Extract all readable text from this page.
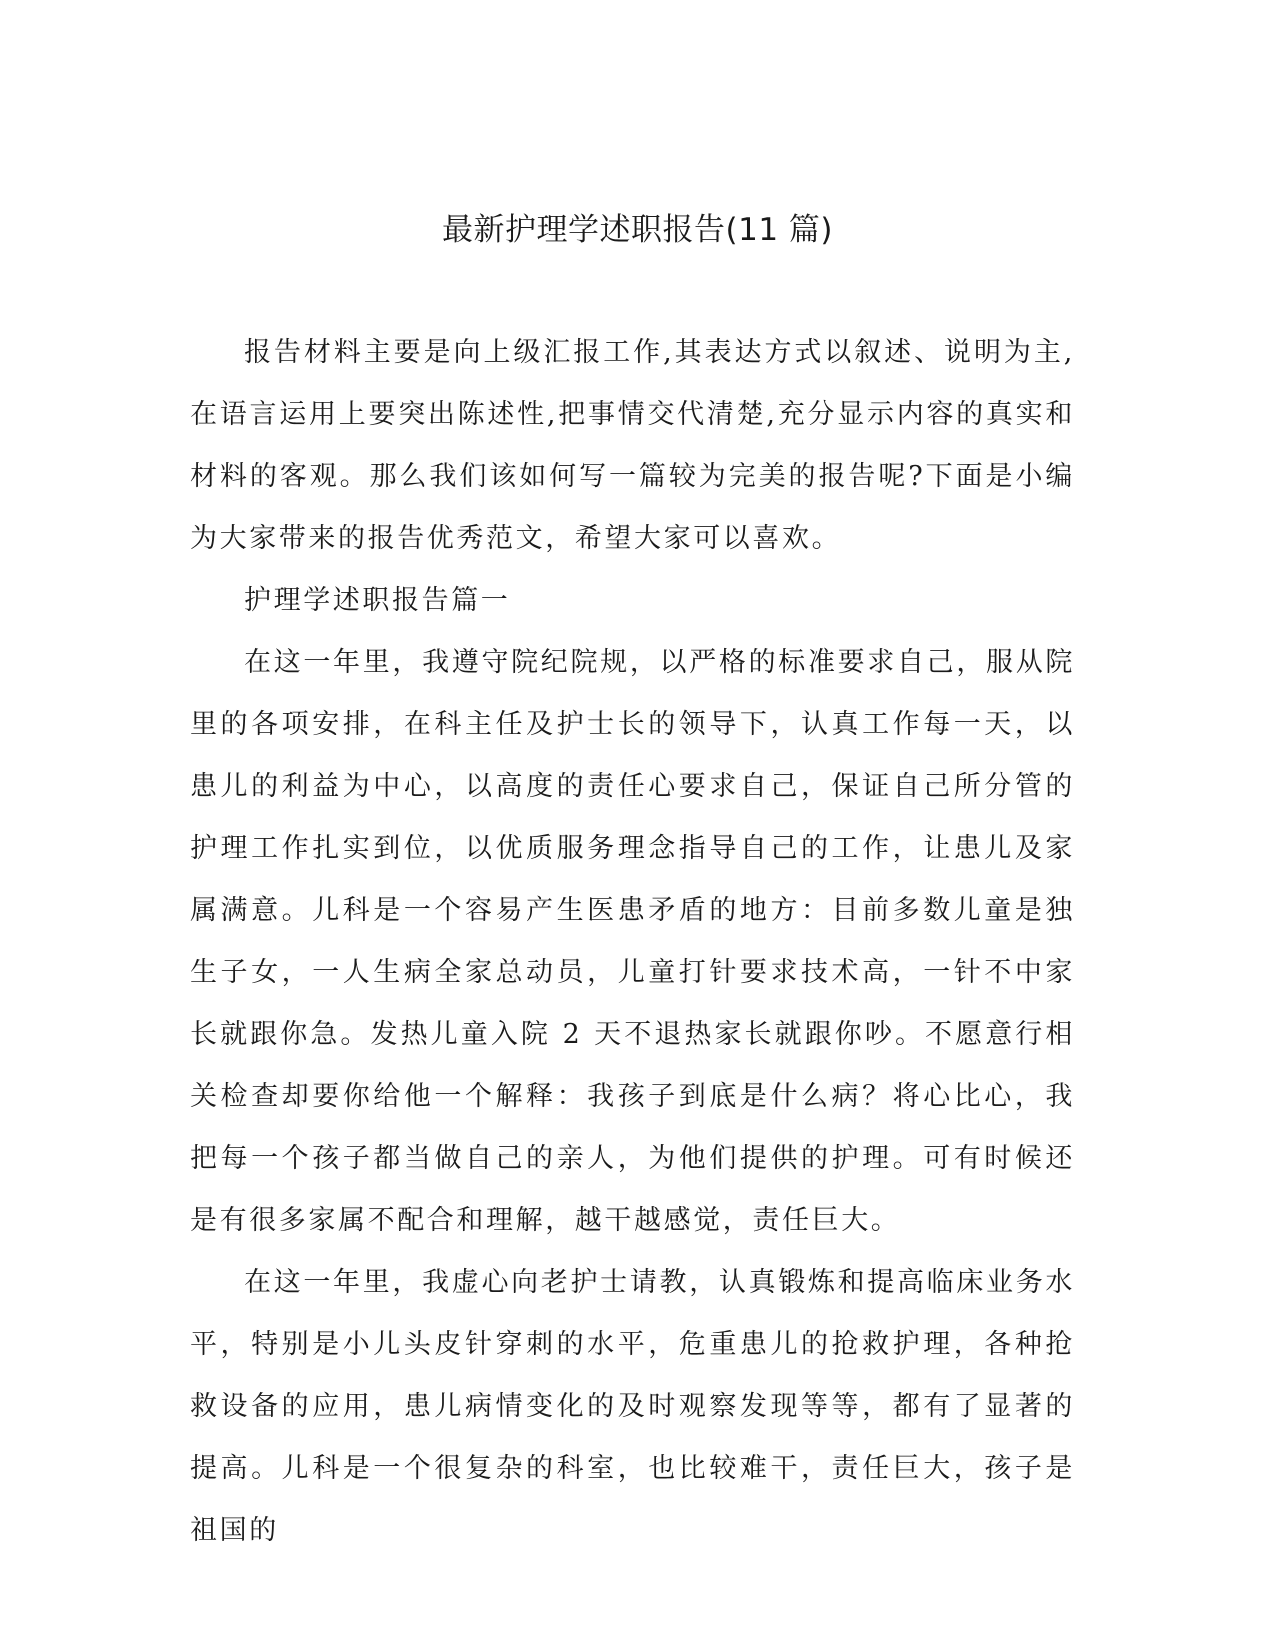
最新护理学述职报告(11 篇)

报告材料主要是向上级汇报工作,其表达方式以叙述、说明为主,在语言运用上要突出陈述性,把事情交代清楚,充分显示内容的真实和材料的客观。那么我们该如何写一篇较为完美的报告呢?下面是小编为大家带来的报告优秀范文，希望大家可以喜欢。

护理学述职报告篇一

在这一年里，我遵守院纪院规，以严格的标准要求自己，服从院里的各项安排，在科主任及护士长的领导下，认真工作每一天，以患儿的利益为中心，以高度的责任心要求自己，保证自己所分管的护理工作扎实到位，以优质服务理念指导自己的工作，让患儿及家属满意。儿科是一个容易产生医患矛盾的地方：目前多数儿童是独生子女，一人生病全家总动员，儿童打针要求技术高，一针不中家长就跟你急。发热儿童入院 2 天不退热家长就跟你吵。不愿意行相关检查却要你给他一个解释：我孩子到底是什么病？将心比心，我把每一个孩子都当做自己的亲人，为他们提供的护理。可有时候还是有很多家属不配合和理解，越干越感觉，责任巨大。

在这一年里，我虚心向老护士请教，认真锻炼和提高临床业务水平，特别是小儿头皮针穿刺的水平，危重患儿的抢救护理，各种抢救设备的应用，患儿病情变化的及时观察发现等等，都有了显著的提高。儿科是一个很复杂的科室，也比较难干，责任巨大，孩子是祖国的
